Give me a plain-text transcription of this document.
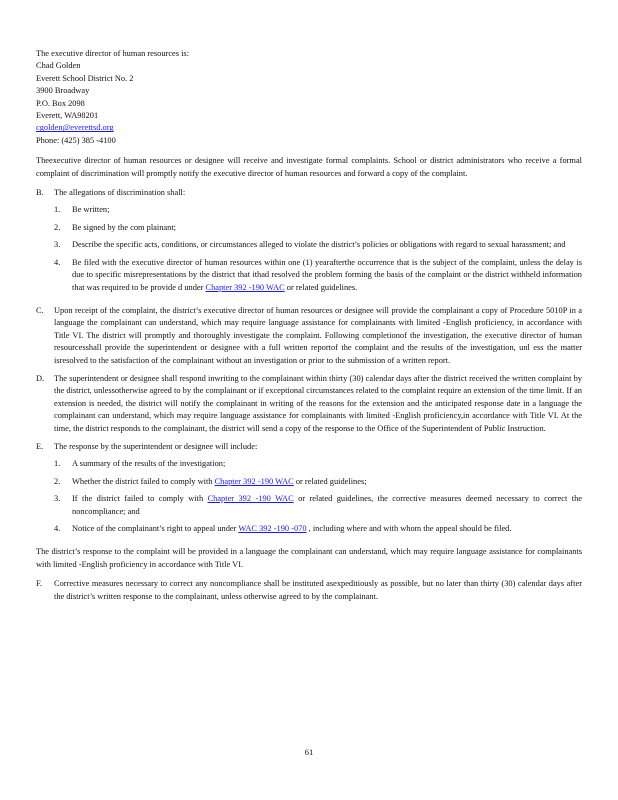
The executive director of human resources is:
Chad Golden
Everett School District No. 2
3900 Broadway
P.O. Box 2098
Everett, WA98201
cgolden@everettsd.org
Phone: (425) 385 -4100

Theexecutive director of human resources or designee will receive and investigate formal complaints. School or district administrators who receive a formal complaint of discrimination will promptly notify the executive director of human resources and forward a copy of the complaint.

B.	The allegations of discrimination shall:
1.	Be written;
2.	Be signed by the com plainant;
3.	Describe the specific acts, conditions, or circumstances alleged to violate the district’s policies or obligations with regard to sexual harassment; and
4.	Be filed with the executive director of human resources within one (1) yearafterthe occurrence that is the subject of the complaint, unless the delay is due to specific misrepresentations by the district that ithad resolved the problem forming the basis of the complaint or the district withheld information that was required to be provide d under Chapter 392 -190 WAC or related guidelines.
C.	Upon receipt of the complaint, the district’s executive director of human resources or designee will provide the complainant a copy of Procedure 5010P in a language the complainant can understand, which may require language assistance for complainants with limited -English proficiency, in accordance with Title VI. The district will promptly and thoroughly investigate the complaint. Following completionof the investigation, the executive director of human resourcesshall provide the superintendent or designee with a full written reportof the complaint and the results of the investigation, unl ess the matter isresolved to the satisfaction of the complainant without an investigation or prior to the submission of a written report.
D.	The superintendent or designee shall respond inwriting to the complainant within thirty (30) calendar days after the district received the written complaint by the district, unlessotherwise agreed to by the complainant or if exceptional circumstances related to the complaint require an extension of the time limit. If an extension is needed, the district will notify the complainant in writing of the reasons for the extension and the anticipated response date in a language the complainant can understand, which may require language assistance for complainants with limited -English proficiency,in accordance with Title VI. At the time, the district responds to the complainant, the district will send a copy of the response to the Office of the Superintendent of Public Instruction.
E.	The response by the superintendent or designee will include:
1.	A summary of the results of the investigation;
2.	Whether the district failed to comply with Chapter 392 -190 WAC or related guidelines;
3.	If the district failed to comply with Chapter 392 -190 WAC or related guidelines, the corrective measures deemed necessary to correct the noncompliance; and
4.	Notice of the complainant’s right to appeal under WAC 392 -190 -070 , including where and with whom the appeal should be filed.

The district’s response to the complaint will be provided in a language the complainant can understand, which may require language assistance for complainants with limited -English proficiency in accordance with Title VI.

F.	Corrective measures necessary to correct any noncompliance shall be instituted asexpeditiously as possible, but no later than thirty (30) calendar days after the district’s written response to the complainant, unless otherwise agreed to by the complainant.
61
